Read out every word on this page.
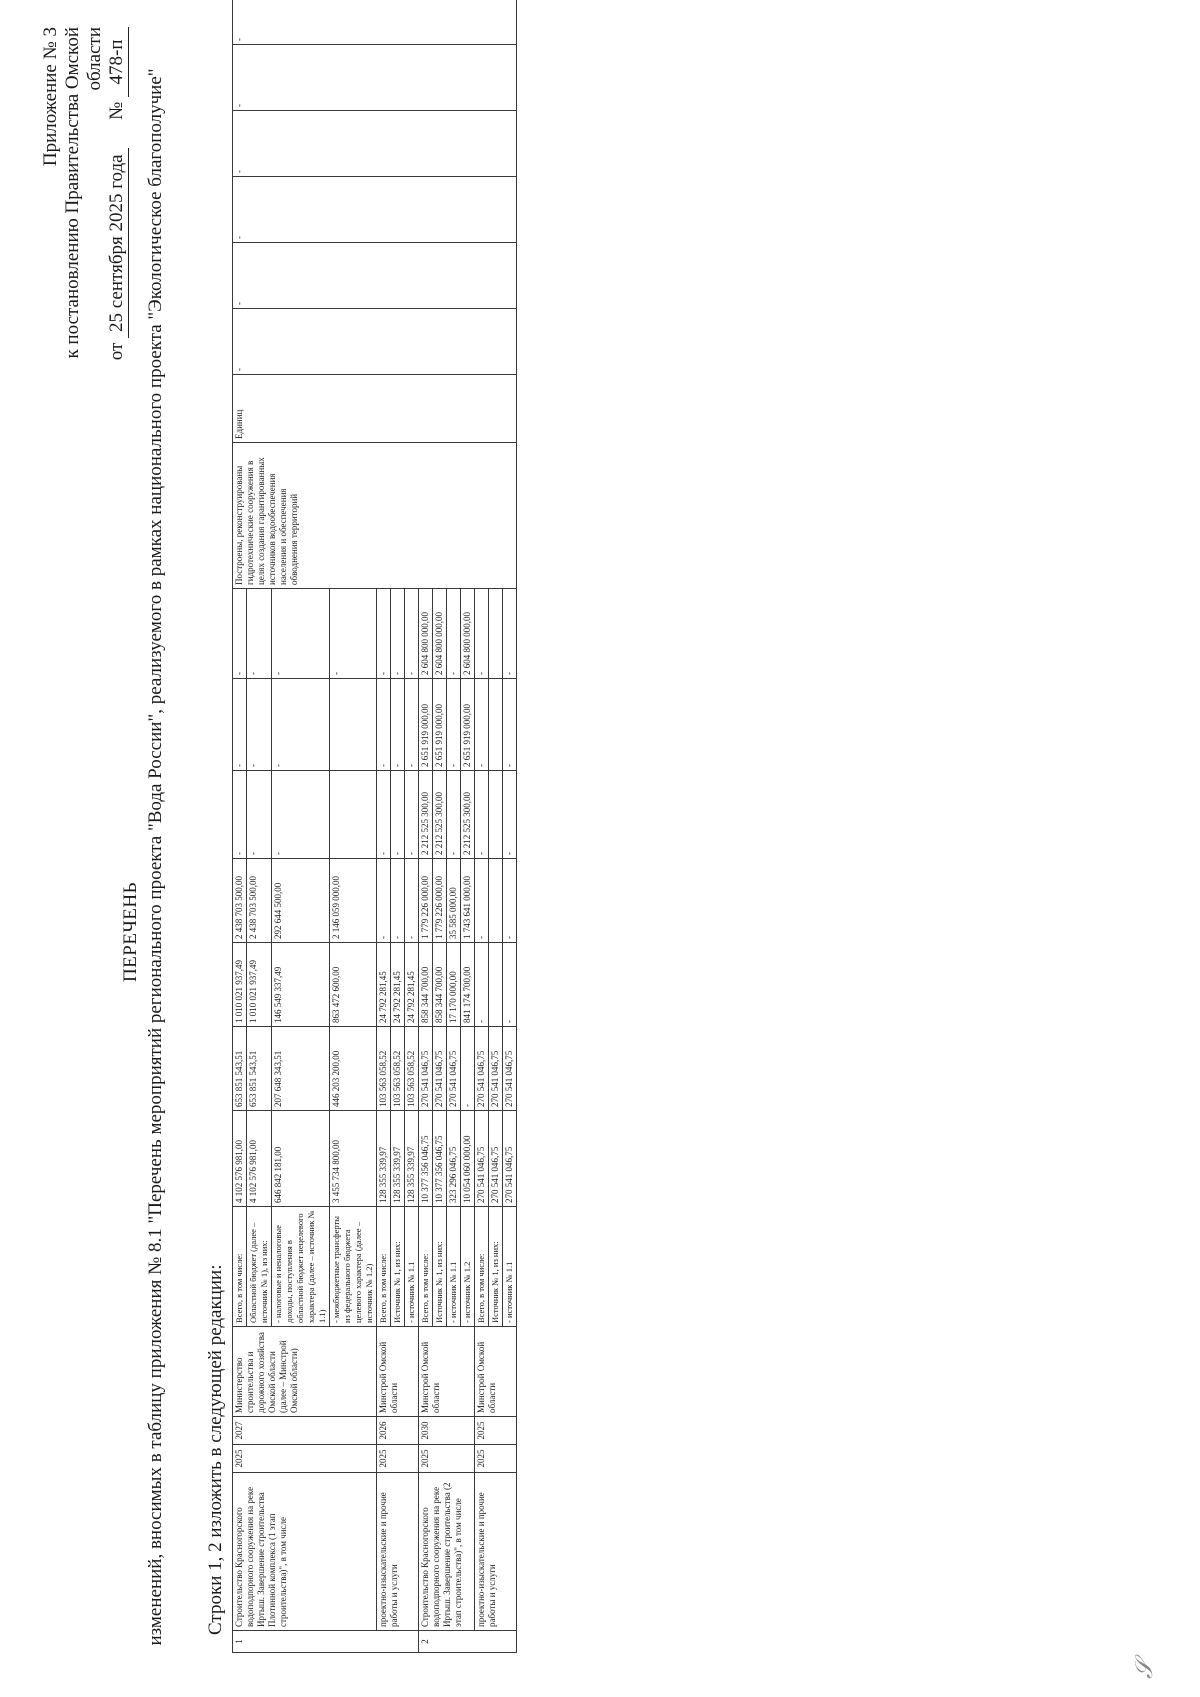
Приложение № 3 к постановлению Правительства Омской области
от 25 сентября 2025 года      № 478-п
ПЕРЕЧЕНЬ изменений, вносимых в таблицу приложения № 8.1 "Перечень мероприятий регионального проекта "Вода России", реализуемого в рамках национального проекта "Экологическое благополучие" Строки 1, 2 изложить в следующей редакции:
1	Строительство Красногорского водоподпорного сооружения на реке Иртыш. Завершение строительства Плотинной комплекса (1 этап строительства)", в том числе	2025	2027	Министерство строительства и дорожного хозяйства Омской области (далее – Минстрой Омской области)	Всего, в том числе:	4 102 576 981,00	653 851 543,51	1 010 021 937,49	2 438 703 500,00	-	-	-	Построены, реконструированы гидротехнические сооружения в целях создания гарантированных источников водообеспечения населения и обеспечения обводнения территорий	Единиц	-	-	-	-	-	-
					Областной бюджет (далее – источник № 1), из них:	4 102 576 981,00	653 851 543,51	1 010 021 937,49	2 438 703 500,00	-	-	-								
					- налоговые и неналоговые доходы, поступления в областной бюджет нецелевого характера (далее – источник № 1.1)	646 842 181,00	207 648 343,51	146 549 337,49	292 644 500,00	-	-	-								
					- межбюджетные трансферты из федерального бюджета целевого характера (далее – источник № 1.2)	3 455 734 800,00	446 203 200,00	863 472 600,00	2 146 059 000,00			-								
	проектно-изыскательские и прочие работы и услуги	2025	2026	Минстрой Омской области	Всего, в том числе:	128 355 339,97	103 563 058,52	24 792 281,45	-	-	-	-								
					Источник № 1, из них:	128 355 339,97	103 563 058,52	24 792 281,45	-	-	-	-								
					- источник № 1.1	128 355 339,97	103 563 058,52	24 792 281,45	-	-	-	-								
2	Строительство Красногорского водоподпорного сооружения на реке Иртыш. Завершение строительства (2 этап строительства)", в том числе	2025	2030	Минстрой Омской области	Всего, в том числе:	10 377 356 046,75	270 541 046,75	858 344 700,00	1 779 226 000,00	2 212 525 300,00	2 651 919 000,00	2 604 800 000,00								
					Источник № 1, из них:	10 377 356 046,75	270 541 046,75	858 344 700,00	1 779 226 000,00	2 212 525 300,00	2 651 919 000,00	2 604 800 000,00								
					- источник № 1.1	323 296 046,75	270 541 046,75	17 170 000,00	35 585 000,00	-	-	-								
					- источник № 1.2	10 054 060 000,00	-	841 174 700,00	1 743 641 000,00	2 212 525 300,00	2 651 919 000,00	2 604 800 000,00								
	проектно-изыскательские и прочие работы и услуги	2025	2025	Минстрой Омской области	Всего, в том числе:	270 541 046,75	270 541 046,75	-	-	-	-	-								
					Источник № 1, из них:	270 541 046,75	270 541 046,75													
					- источник № 1.1	270 541 046,75	270 541 046,75	-	-	-	-	-								
𝒮
